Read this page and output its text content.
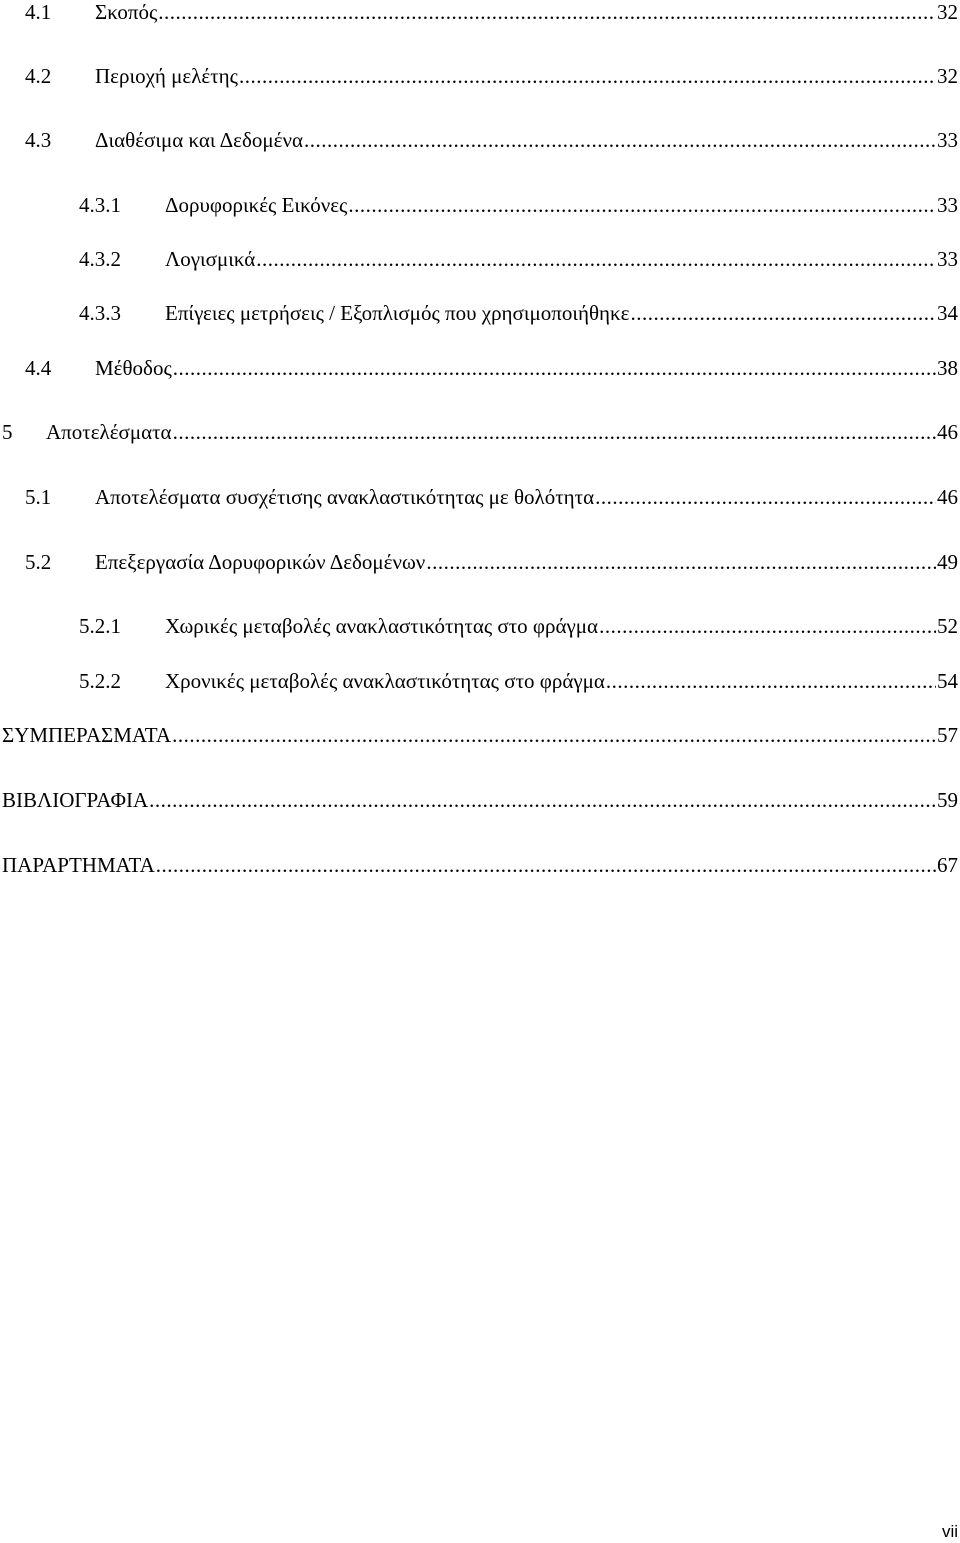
4.1	Σκοπός .....	32
4.2	Περιοχή μελέτης .....	32
4.3	Διαθέσιμα και Δεδομένα .....	33
4.3.1	Δορυφορικές Εικόνες .....	33
4.3.2	Λογισμικά .....	33
4.3.3	Επίγειες μετρήσεις / Εξοπλισμός που χρησιμοποιήθηκε .....	34
4.4	Μέθοδος .....	38
5	Αποτελέσματα .....	46
5.1	Αποτελέσματα συσχέτισης ανακλαστικότητας με θολότητα .....	46
5.2	Επεξεργασία Δορυφορικών Δεδομένων .....	49
5.2.1	Χωρικές μεταβολές ανακλαστικότητας στο φράγμα .....	52
5.2.2	Χρονικές μεταβολές ανακλαστικότητας στο φράγμα .....	54
ΣΥΜΠΕΡΑΣΜΑΤΑ .....	57
ΒΙΒΛΙΟΓΡΑΦΙΑ .....	59
ΠΑΡΑΡΤΗΜΑΤΑ .....	67
vii
